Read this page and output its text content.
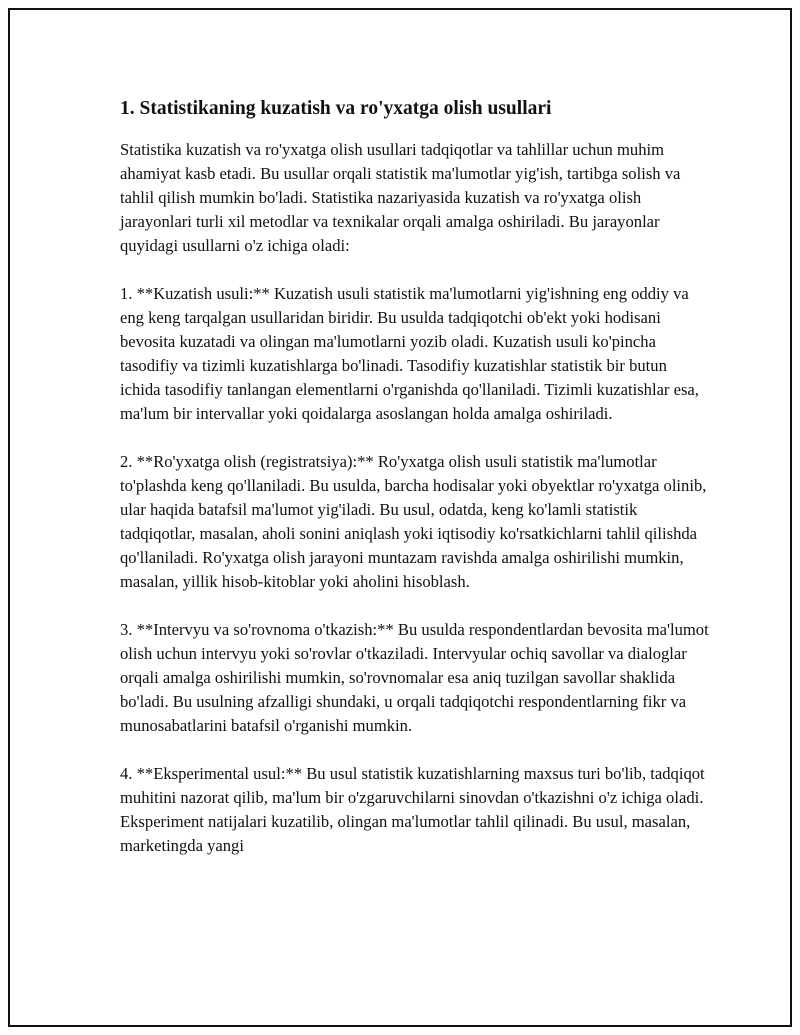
1. Statistikaning kuzatish va ro'yxatga olish usullari

Statistika kuzatish va ro'yxatga olish usullari tadqiqotlar va tahlillar uchun muhim ahamiyat kasb etadi. Bu usullar orqali statistik ma'lumotlar yig'ish, tartibga solish va tahlil qilish mumkin bo'ladi. Statistika nazariyasida kuzatish va ro'yxatga olish jarayonlari turli xil metodlar va texnikalar orqali amalga oshiriladi. Bu jarayonlar quyidagi usullarni o'z ichiga oladi:

1. **Kuzatish usuli:** Kuzatish usuli statistik ma'lumotlarni yig'ishning eng oddiy va eng keng tarqalgan usullaridan biridir. Bu usulda tadqiqotchi ob'ekt yoki hodisani bevosita kuzatadi va olingan ma'lumotlarni yozib oladi. Kuzatish usuli ko'pincha tasodifiy va tizimli kuzatishlarga bo'linadi. Tasodifiy kuzatishlar statistik bir butun ichida tasodifiy tanlangan elementlarni o'rganishda qo'llaniladi. Tizimli kuzatishlar esa, ma'lum bir intervallar yoki qoidalarga asoslangan holda amalga oshiriladi.

2. **Ro'yxatga olish (registratsiya):** Ro'yxatga olish usuli statistik ma'lumotlar to'plashda keng qo'llaniladi. Bu usulda, barcha hodisalar yoki obyektlar ro'yxatga olinib, ular haqida batafsil ma'lumot yig'iladi. Bu usul, odatda, keng ko'lamli statistik tadqiqotlar, masalan, aholi sonini aniqlash yoki iqtisodiy ko'rsatkichlarni tahlil qilishda qo'llaniladi. Ro'yxatga olish jarayoni muntazam ravishda amalga oshirilishi mumkin, masalan, yillik hisob-kitoblar yoki aholini hisoblash.

3. **Intervyu va so'rovnoma o'tkazish:** Bu usulda respondentlardan bevosita ma'lumot olish uchun intervyu yoki so'rovlar o'tkaziladi. Intervyular ochiq savollar va dialoglar orqali amalga oshirilishi mumkin, so'rovnomalar esa aniq tuzilgan savollar shaklida bo'ladi. Bu usulning afzalligi shundaki, u orqali tadqiqotchi respondentlarning fikr va munosabatlarini batafsil o'rganishi mumkin.

4. **Eksperimental usul:** Bu usul statistik kuzatishlarning maxsus turi bo'lib, tadqiqot muhitini nazorat qilib, ma'lum bir o'zgaruvchilarni sinovdan o'tkazishni o'z ichiga oladi. Eksperiment natijalari kuzatilib, olingan ma'lumotlar tahlil qilinadi. Bu usul, masalan, marketingda yangi
